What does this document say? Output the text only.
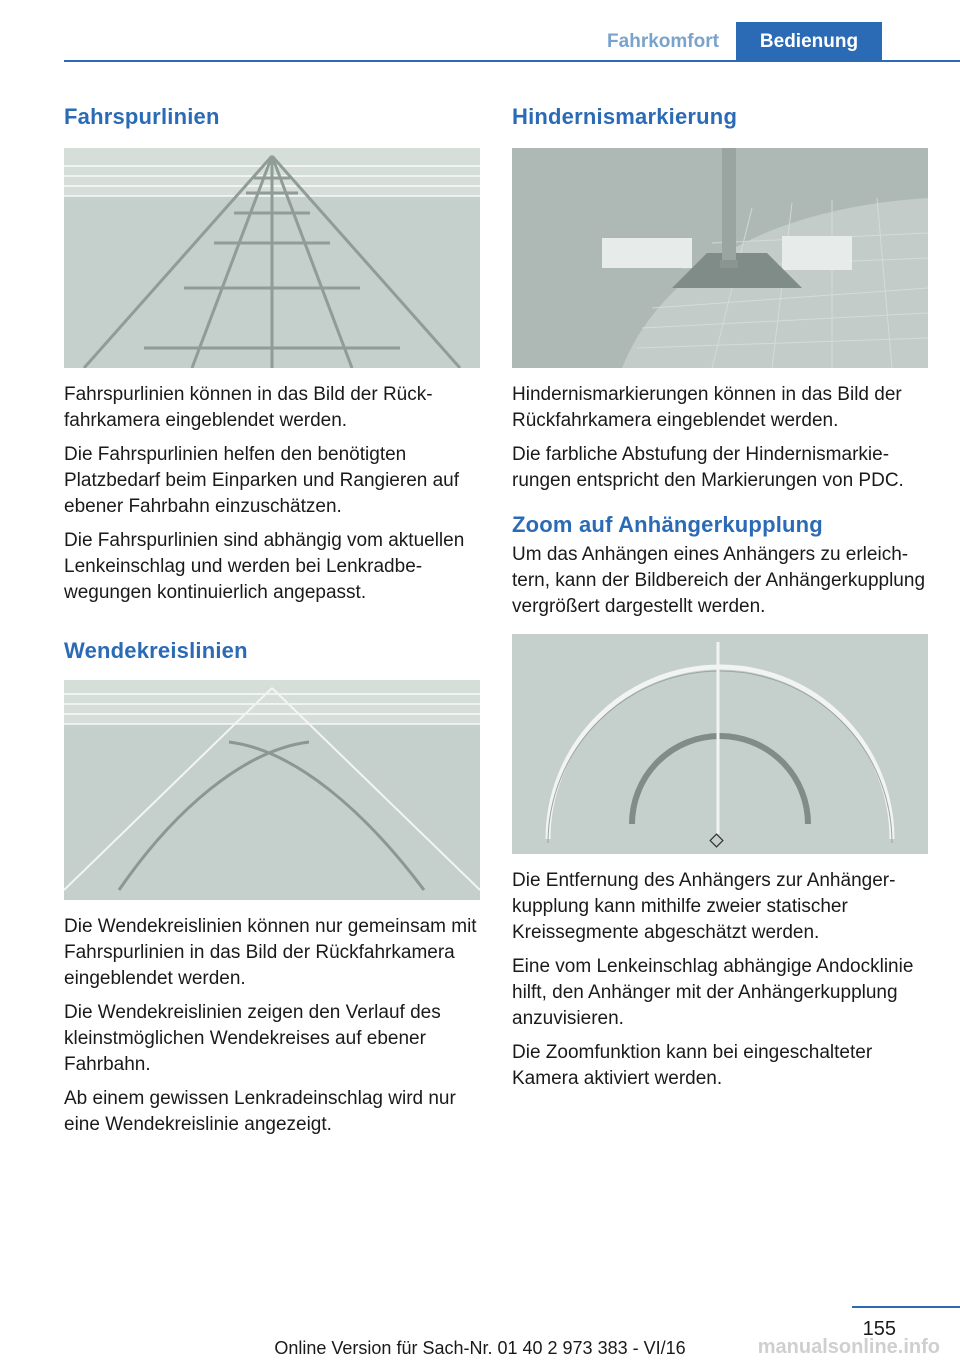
Fahrkomfort	Bedienung
Fahrspurlinien

Fahrspurlinien können in das Bild der Rückfahrkamera eingeblendet werden.

Die Fahrspurlinien helfen den benötigten Platzbedarf beim Einparken und Rangieren auf ebener Fahrbahn einzuschätzen.

Die Fahrspurlinien sind abhängig vom aktuellen Lenkeinschlag und werden bei Lenkradbewegungen kontinuierlich angepasst.

Wendekreislinien

Die Wendekreislinien können nur gemeinsam mit Fahrspurlinien in das Bild der Rückfahrkamera eingeblendet werden.

Die Wendekreislinien zeigen den Verlauf des kleinstmöglichen Wendekreises auf ebener Fahrbahn.

Ab einem gewissen Lenkradeinschlag wird nur eine Wendekreislinie angezeigt.

Hindernismarkierung

Hindernismarkierungen können in das Bild der Rückfahrkamera eingeblendet werden.

Die farbliche Abstufung der Hindernismarkierungen entspricht den Markierungen von PDC.

Zoom auf Anhängerkupplung

Um das Anhängen eines Anhängers zu erleichtern, kann der Bildbereich der Anhängerkupplung vergrößert dargestellt werden.

Die Entfernung des Anhängers zur Anhängerkupplung kann mithilfe zweier statischer Kreissegmente abgeschätzt werden.

Eine vom Lenkeinschlag abhängige Andocklinie hilft, den Anhänger mit der Anhängerkupplung anzuvisieren.

Die Zoomfunktion kann bei eingeschalteter Kamera aktiviert werden.

155
Online Version für Sach-Nr. 01 40 2 973 383 - VI/16	manualsonline.info
